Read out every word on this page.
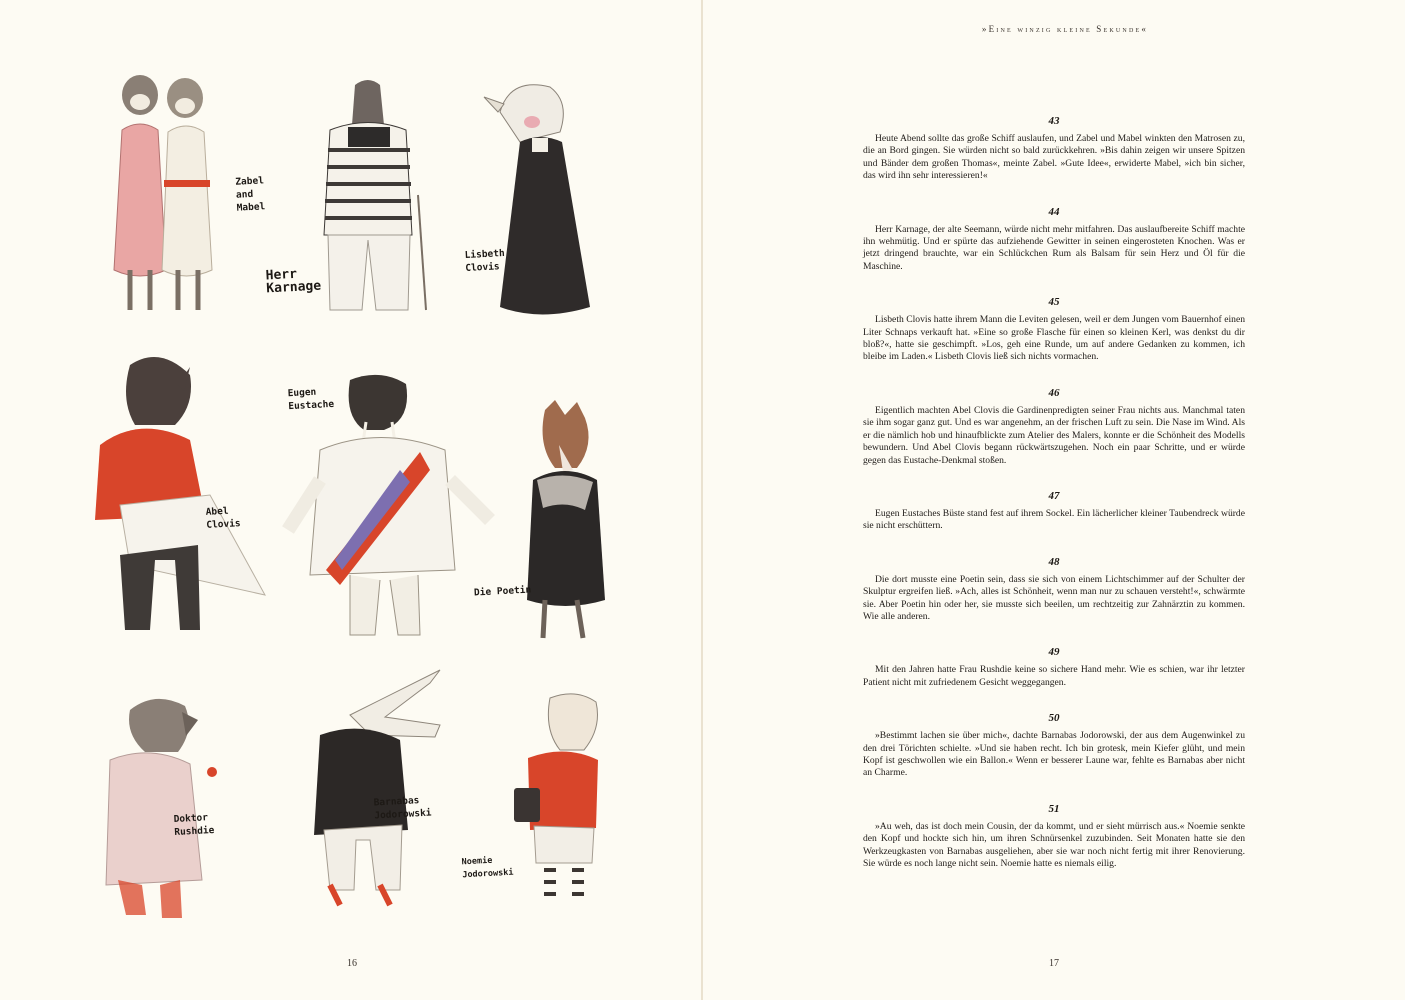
Zabel
and
Mabel
Herr
Karnage
Lisbeth
Clovis
Abel
Clovis
Eugen
Eustache
Die Poetin
Doktor
Rushdie
Barnabas
Jodorowski
Noemie
Jodorowski
16
»Eine winzig kleine Sekunde«
43

Heute Abend sollte das große Schiff auslaufen, und Zabel und Mabel winkten den Matrosen zu, die an Bord gingen. Sie würden nicht so bald zurückkehren. »Bis dahin zeigen wir unsere Spitzen und Bänder dem großen Thomas«, meinte Zabel. »Gute Idee«, erwiderte Mabel, »ich bin sicher, das wird ihn sehr interessieren!«

44

Herr Karnage, der alte Seemann, würde nicht mehr mitfahren. Das auslaufbereite Schiff machte ihn wehmütig. Und er spürte das aufziehende Gewitter in seinen eingerosteten Knochen. Was er jetzt dringend brauchte, war ein Schlückchen Rum als Balsam für sein Herz und Öl für die Maschine.

45

Lisbeth Clovis hatte ihrem Mann die Leviten gelesen, weil er dem Jungen vom Bauernhof einen Liter Schnaps verkauft hat. »Eine so große Flasche für einen so kleinen Kerl, was denkst du dir bloß?«, hatte sie geschimpft. »Los, geh eine Runde, um auf andere Gedanken zu kommen, ich bleibe im Laden.« Lisbeth Clovis ließ sich nichts vormachen.

46

Eigentlich machten Abel Clovis die Gardinenpredigten seiner Frau nichts aus. Manchmal taten sie ihm sogar ganz gut. Und es war angenehm, an der frischen Luft zu sein. Die Nase im Wind. Als er die nämlich hob und hinaufblickte zum Atelier des Malers, konnte er die Schönheit des Modells bewundern. Und Abel Clovis begann rückwärtszugehen. Noch ein paar Schritte, und er würde gegen das Eustache-Denkmal stoßen.

47

Eugen Eustaches Büste stand fest auf ihrem Sockel. Ein lächerlicher kleiner Taubendreck würde sie nicht erschüttern.

48

Die dort musste eine Poetin sein, dass sie sich von einem Lichtschimmer auf der Schulter der Skulptur ergreifen ließ. »Ach, alles ist Schönheit, wenn man nur zu schauen versteht!«, schwärmte sie. Aber Poetin hin oder her, sie musste sich beeilen, um rechtzeitig zur Zahnärztin zu kommen. Wie alle anderen.

49

Mit den Jahren hatte Frau Rushdie keine so sichere Hand mehr. Wie es schien, war ihr letzter Patient nicht mit zufriedenem Gesicht weggegangen.

50

»Bestimmt lachen sie über mich«, dachte Barnabas Jodorowski, der aus dem Augenwinkel zu den drei Törichten schielte. »Und sie haben recht. Ich bin grotesk, mein Kiefer glüht, und mein Kopf ist geschwollen wie ein Ballon.« Wenn er besserer Laune war, fehlte es Barnabas aber nicht an Charme.

51

»Au weh, das ist doch mein Cousin, der da kommt, und er sieht mürrisch aus.« Noemie senkte den Kopf und hockte sich hin, um ihren Schnürsenkel zuzubinden. Seit Monaten hatte sie den Werkzeugkasten von Barnabas ausgeliehen, aber sie war noch nicht fertig mit ihrer Renovierung. Sie würde es noch lange nicht sein. Noemie hatte es niemals eilig.

17
